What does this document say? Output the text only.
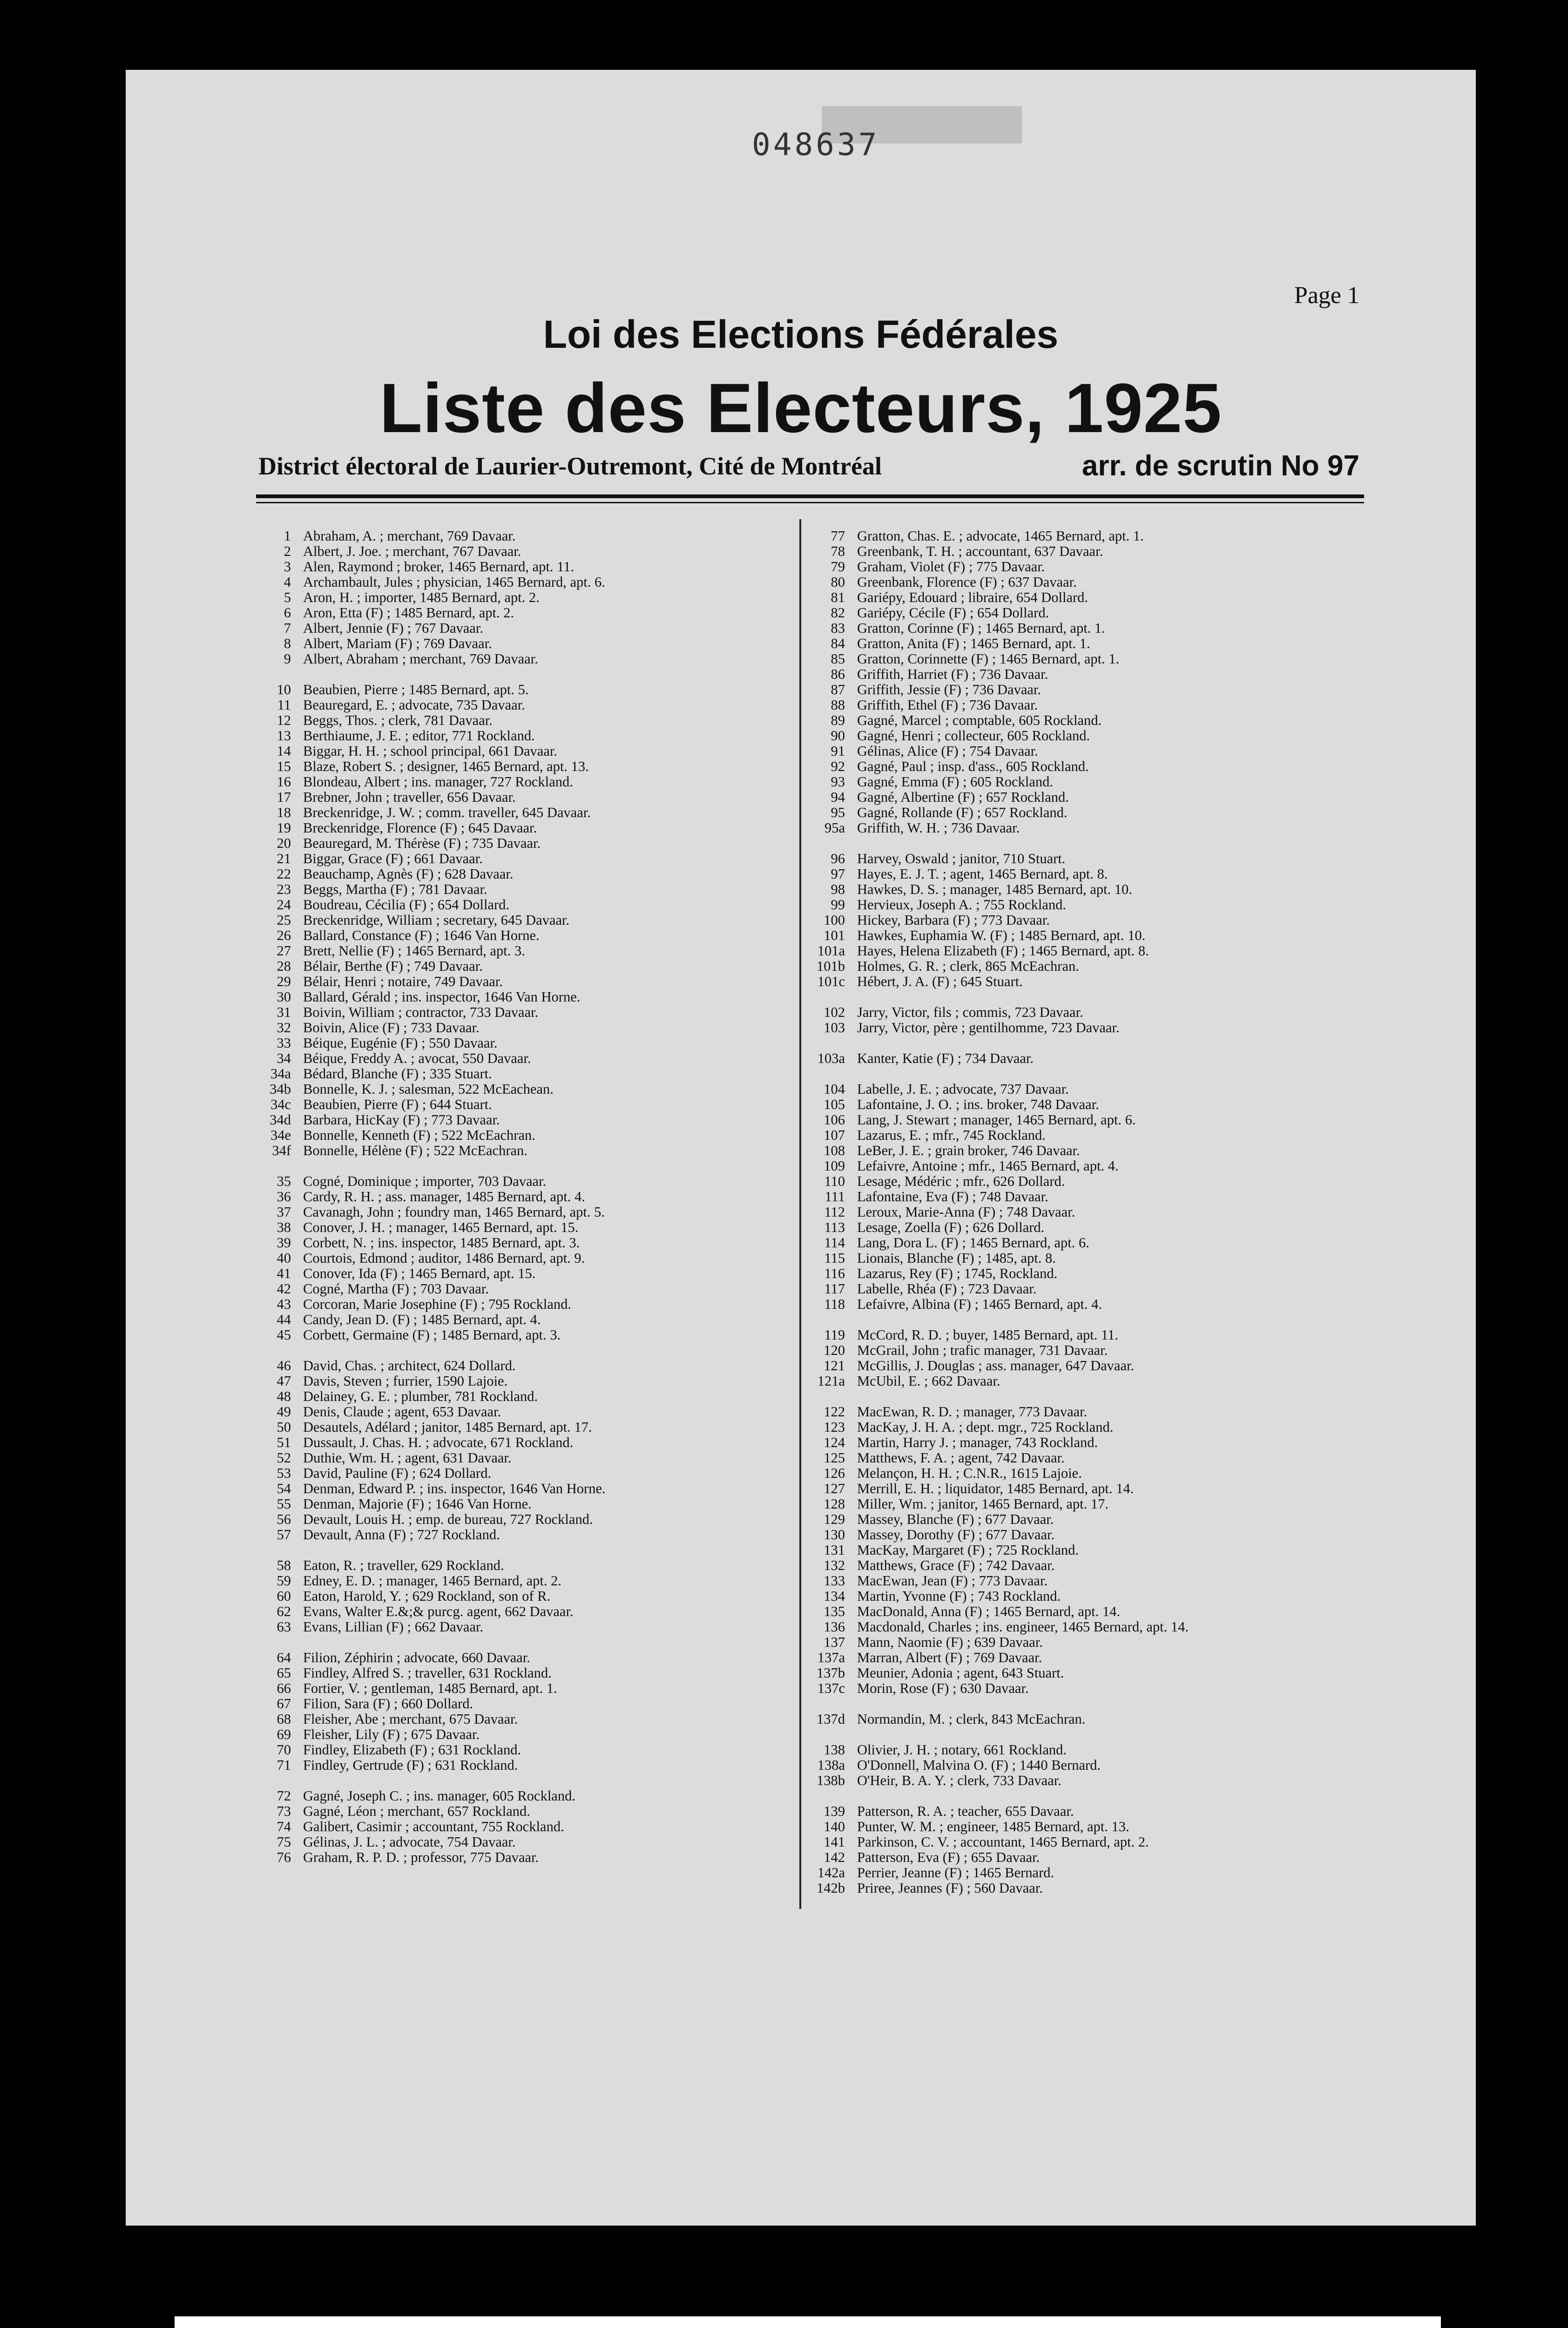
048637
Page 1
Loi des Elections Fédérales
Liste des Electeurs, 1925
District électoral de Laurier-Outremont, Cité de Montréal	arr. de scrutin No 97
1 Abraham, A. ; merchant, 769 Davaar.
2 Albert, J. Joe. ; merchant, 767 Davaar.
3 Alen, Raymond ; broker, 1465 Bernard, apt. 11.
4 Archambault, Jules ; physician, 1465 Bernard, apt. 6.
5 Aron, H. ; importer, 1485 Bernard, apt. 2.
6 Aron, Etta (F) ; 1485 Bernard, apt. 2.
7 Albert, Jennie (F) ; 767 Davaar.
8 Albert, Mariam (F) ; 769 Davaar.
9 Albert, Abraham ; merchant, 769 Davaar.
10 Beaubien, Pierre ; 1485 Bernard, apt. 5.
11 Beauregard, E. ; advocate, 735 Davaar.
12 Beggs, Thos. ; clerk, 781 Davaar.
13 Berthiaume, J. E. ; editor, 771 Rockland.
14 Biggar, H. H. ; school principal, 661 Davaar.
15 Blaze, Robert S. ; designer, 1465 Bernard, apt. 13.
16 Blondeau, Albert ; ins. manager, 727 Rockland.
17 Brebner, John ; traveller, 656 Davaar.
18 Breckenridge, J. W. ; comm. traveller, 645 Davaar.
19 Breckenridge, Florence (F) ; 645 Davaar.
20 Beauregard, M. Thérèse (F) ; 735 Davaar.
21 Biggar, Grace (F) ; 661 Davaar.
22 Beauchamp, Agnès (F) ; 628 Davaar.
23 Beggs, Martha (F) ; 781 Davaar.
24 Boudreau, Cécilia (F) ; 654 Dollard.
25 Breckenridge, William ; secretary, 645 Davaar.
26 Ballard, Constance (F) ; 1646 Van Horne.
27 Brett, Nellie (F) ; 1465 Bernard, apt. 3.
28 Bélair, Berthe (F) ; 749 Davaar.
29 Bélair, Henri ; notaire, 749 Davaar.
30 Ballard, Gérald ; ins. inspector, 1646 Van Horne.
31 Boivin, William ; contractor, 733 Davaar.
32 Boivin, Alice (F) ; 733 Davaar.
33 Béique, Eugénie (F) ; 550 Davaar.
34 Béique, Freddy A. ; avocat, 550 Davaar.
34a Bédard, Blanche (F) ; 335 Stuart.
34b Bonnelle, K. J. ; salesman, 522 McEachean.
34c Beaubien, Pierre (F) ; 644 Stuart.
34d Barbara, HicKay (F) ; 773 Davaar.
34e Bonnelle, Kenneth (F) ; 522 McEachran.
34f Bonnelle, Hélène (F) ; 522 McEachran.
35 Cogné, Dominique ; importer, 703 Davaar.
36 Cardy, R. H. ; ass. manager, 1485 Bernard, apt. 4.
37 Cavanagh, John ; foundry man, 1465 Bernard, apt. 5.
38 Conover, J. H. ; manager, 1465 Bernard, apt. 15.
39 Corbett, N. ; ins. inspector, 1485 Bernard, apt. 3.
40 Courtois, Edmond ; auditor, 1486 Bernard, apt. 9.
41 Conover, Ida (F) ; 1465 Bernard, apt. 15.
42 Cogné, Martha (F) ; 703 Davaar.
43 Corcoran, Marie Josephine (F) ; 795 Rockland.
44 Candy, Jean D. (F) ; 1485 Bernard, apt. 4.
45 Corbett, Germaine (F) ; 1485 Bernard, apt. 3.
46 David, Chas. ; architect, 624 Dollard.
47 Davis, Steven ; furrier, 1590 Lajoie.
48 Delainey, G. E. ; plumber, 781 Rockland.
49 Denis, Claude ; agent, 653 Davaar.
50 Desautels, Adélard ; janitor, 1485 Bernard, apt. 17.
51 Dussault, J. Chas. H. ; advocate, 671 Rockland.
52 Duthie, Wm. H. ; agent, 631 Davaar.
53 David, Pauline (F) ; 624 Dollard.
54 Denman, Edward P. ; ins. inspector, 1646 Van Horne.
55 Denman, Majorie (F) ; 1646 Van Horne.
56 Devault, Louis H. ; emp. de bureau, 727 Rockland.
57 Devault, Anna (F) ; 727 Rockland.
58 Eaton, R. ; traveller, 629 Rockland.
59 Edney, E. D. ; manager, 1465 Bernard, apt. 2.
60 Eaton, Harold, Y. ; 629 Rockland, son of R.
62 Evans, Walter E.&;& purcg. agent, 662 Davaar.
63 Evans, Lillian (F) ; 662 Davaar.
64 Filion, Zéphirin ; advocate, 660 Davaar.
65 Findley, Alfred S. ; traveller, 631 Rockland.
66 Fortier, V. ; gentleman, 1485 Bernard, apt. 1.
67 Filion, Sara (F) ; 660 Dollard.
68 Fleisher, Abe ; merchant, 675 Davaar.
69 Fleisher, Lily (F) ; 675 Davaar.
70 Findley, Elizabeth (F) ; 631 Rockland.
71 Findley, Gertrude (F) ; 631 Rockland.
72 Gagné, Joseph C. ; ins. manager, 605 Rockland.
73 Gagné, Léon ; merchant, 657 Rockland.
74 Galibert, Casimir ; accountant, 755 Rockland.
75 Gélinas, J. L. ; advocate, 754 Davaar.
76 Graham, R. P. D. ; professor, 775 Davaar.
77 Gratton, Chas. E. ; advocate, 1465 Bernard, apt. 1.
78 Greenbank, T. H. ; accountant, 637 Davaar.
79 Graham, Violet (F) ; 775 Davaar.
80 Greenbank, Florence (F) ; 637 Davaar.
81 Gariépy, Edouard ; libraire, 654 Dollard.
82 Gariépy, Cécile (F) ; 654 Dollard.
83 Gratton, Corinne (F) ; 1465 Bernard, apt. 1.
84 Gratton, Anita (F) ; 1465 Bernard, apt. 1.
85 Gratton, Corinnette (F) ; 1465 Bernard, apt. 1.
86 Griffith, Harriet (F) ; 736 Davaar.
87 Griffith, Jessie (F) ; 736 Davaar.
88 Griffith, Ethel (F) ; 736 Davaar.
89 Gagné, Marcel ; comptable, 605 Rockland.
90 Gagné, Henri ; collecteur, 605 Rockland.
91 Gélinas, Alice (F) ; 754 Davaar.
92 Gagné, Paul ; insp. d'ass., 605 Rockland.
93 Gagné, Emma (F) ; 605 Rockland.
94 Gagné, Albertine (F) ; 657 Rockland.
95 Gagné, Rollande (F) ; 657 Rockland.
95a Griffith, W. H. ; 736 Davaar.
96 Harvey, Oswald ; janitor, 710 Stuart.
97 Hayes, E. J. T. ; agent, 1465 Bernard, apt. 8.
98 Hawkes, D. S. ; manager, 1485 Bernard, apt. 10.
99 Hervieux, Joseph A. ; 755 Rockland.
100 Hickey, Barbara (F) ; 773 Davaar.
101 Hawkes, Euphamia W. (F) ; 1485 Bernard, apt. 10.
101a Hayes, Helena Elizabeth (F) ; 1465 Bernard, apt. 8.
101b Holmes, G. R. ; clerk, 865 McEachran.
101c Hébert, J. A. (F) ; 645 Stuart.
102 Jarry, Victor, fils ; commis, 723 Davaar.
103 Jarry, Victor, père ; gentilhomme, 723 Davaar.
103a Kanter, Katie (F) ; 734 Davaar.
104 Labelle, J. E. ; advocate, 737 Davaar.
105 Lafontaine, J. O. ; ins. broker, 748 Davaar.
106 Lang, J. Stewart ; manager, 1465 Bernard, apt. 6.
107 Lazarus, E. ; mfr., 745 Rockland.
108 LeBer, J. E. ; grain broker, 746 Davaar.
109 Lefaivre, Antoine ; mfr., 1465 Bernard, apt. 4.
110 Lesage, Médéric ; mfr., 626 Dollard.
111 Lafontaine, Eva (F) ; 748 Davaar.
112 Leroux, Marie-Anna (F) ; 748 Davaar.
113 Lesage, Zoella (F) ; 626 Dollard.
114 Lang, Dora L. (F) ; 1465 Bernard, apt. 6.
115 Lionais, Blanche (F) ; 1485, apt. 8.
116 Lazarus, Rey (F) ; 1745, Rockland.
117 Labelle, Rhéa (F) ; 723 Davaar.
118 Lefaivre, Albina (F) ; 1465 Bernard, apt. 4.
119 McCord, R. D. ; buyer, 1485 Bernard, apt. 11.
120 McGrail, John ; trafic manager, 731 Davaar.
121 McGillis, J. Douglas ; ass. manager, 647 Davaar.
121a McUbil, E. ; 662 Davaar.
122 MacEwan, R. D. ; manager, 773 Davaar.
123 MacKay, J. H. A. ; dept. mgr., 725 Rockland.
124 Martin, Harry J. ; manager, 743 Rockland.
125 Matthews, F. A. ; agent, 742 Davaar.
126 Melançon, H. H. ; C.N.R., 1615 Lajoie.
127 Merrill, E. H. ; liquidator, 1485 Bernard, apt. 14.
128 Miller, Wm. ; janitor, 1465 Bernard, apt. 17.
129 Massey, Blanche (F) ; 677 Davaar.
130 Massey, Dorothy (F) ; 677 Davaar.
131 MacKay, Margaret (F) ; 725 Rockland.
132 Matthews, Grace (F) ; 742 Davaar.
133 MacEwan, Jean (F) ; 773 Davaar.
134 Martin, Yvonne (F) ; 743 Rockland.
135 MacDonald, Anna (F) ; 1465 Bernard, apt. 14.
136 Macdonald, Charles ; ins. engineer, 1465 Bernard, apt. 14.
137 Mann, Naomie (F) ; 639 Davaar.
137a Marran, Albert (F) ; 769 Davaar.
137b Meunier, Adonia ; agent, 643 Stuart.
137c Morin, Rose (F) ; 630 Davaar.
137d Normandin, M. ; clerk, 843 McEachran.
138 Olivier, J. H. ; notary, 661 Rockland.
138a O'Donnell, Malvina O. (F) ; 1440 Bernard.
138b O'Heir, B. A. Y. ; clerk, 733 Davaar.
139 Patterson, R. A. ; teacher, 655 Davaar.
140 Punter, W. M. ; engineer, 1485 Bernard, apt. 13.
141 Parkinson, C. V. ; accountant, 1465 Bernard, apt. 2.
142 Patterson, Eva (F) ; 655 Davaar.
142a Perrier, Jeanne (F) ; 1465 Bernard.
142b Priree, Jeannes (F) ; 560 Davaar.
